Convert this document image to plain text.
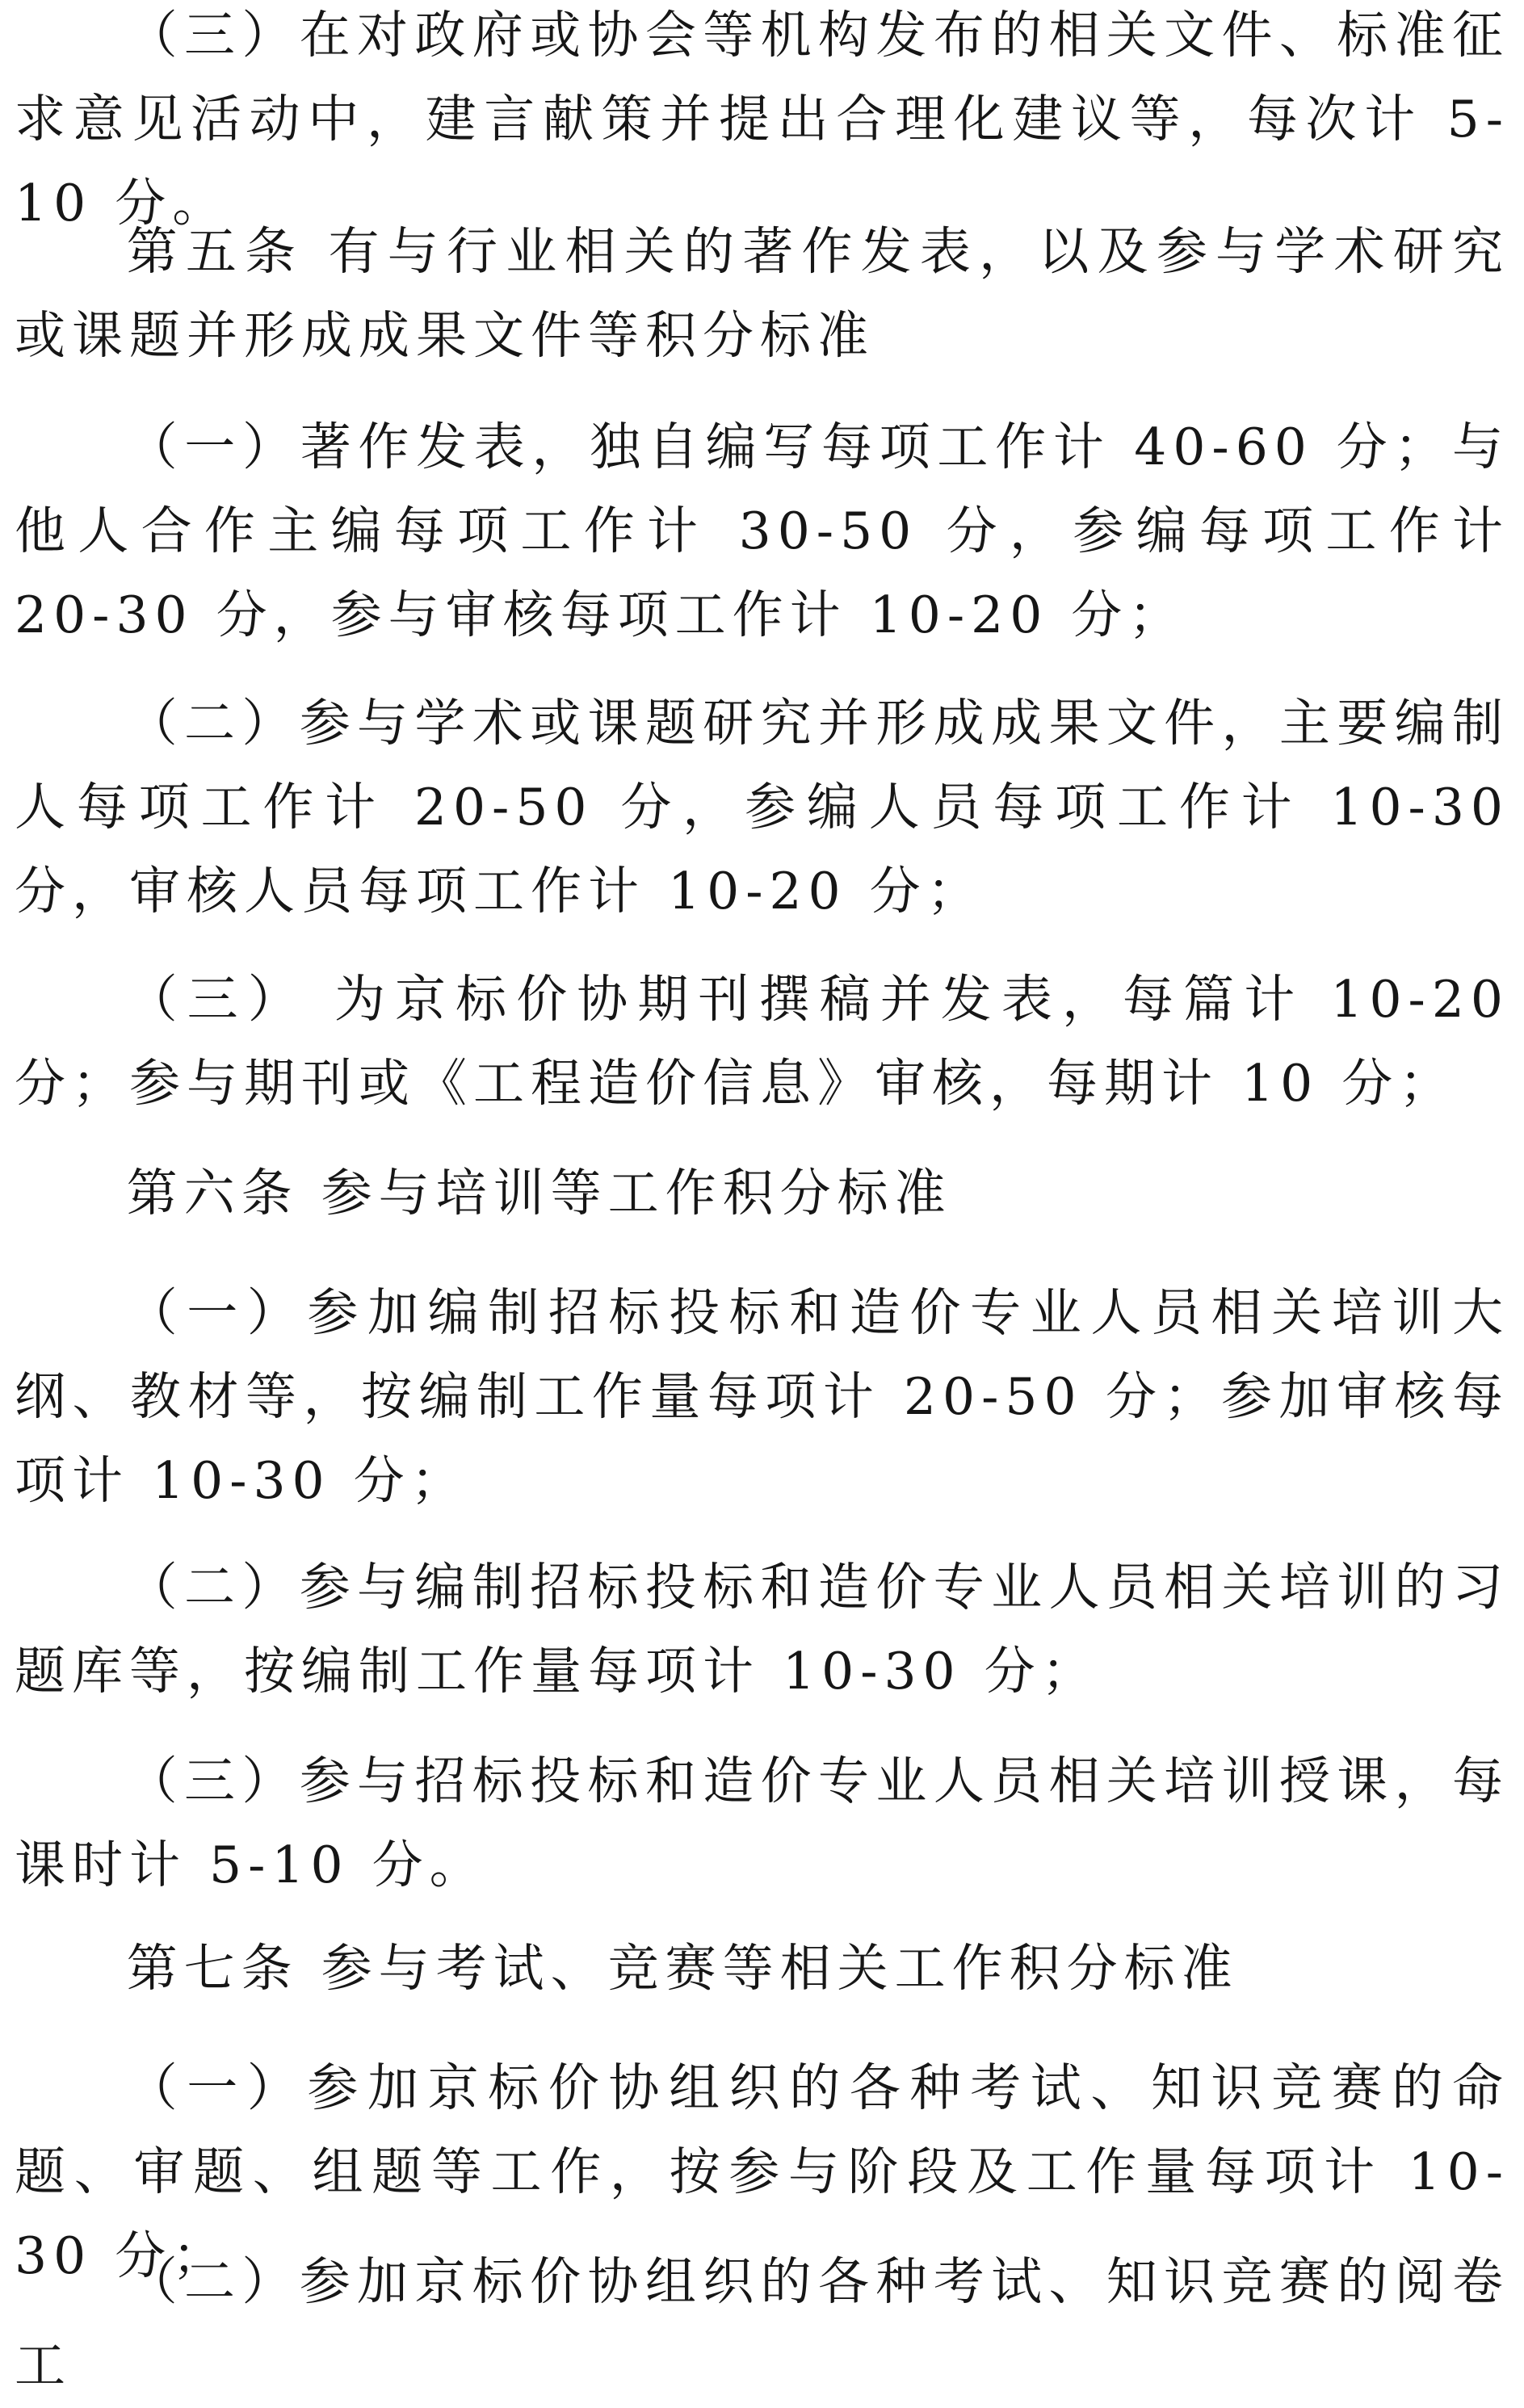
（三）在对政府或协会等机构发布的相关文件、标准征求意见活动中，建言献策并提出合理化建议等，每次计 5-10 分。

第五条 有与行业相关的著作发表，以及参与学术研究或课题并形成成果文件等积分标准

（一）著作发表，独自编写每项工作计 40-60 分；与他人合作主编每项工作计 30-50 分，参编每项工作计 20-30 分，参与审核每项工作计 10-20 分；

（二）参与学术或课题研究并形成成果文件，主要编制人每项工作计 20-50 分，参编人员每项工作计 10-30 分，审核人员每项工作计 10-20 分；

（三） 为京标价协期刊撰稿并发表，每篇计 10-20 分；参与期刊或《工程造价信息》审核，每期计 10 分；

第六条 参与培训等工作积分标准

（一）参加编制招标投标和造价专业人员相关培训大纲、教材等，按编制工作量每项计 20-50 分；参加审核每项计 10-30 分；

（二）参与编制招标投标和造价专业人员相关培训的习题库等，按编制工作量每项计 10-30 分；

（三）参与招标投标和造价专业人员相关培训授课，每课时计 5-10 分。

第七条 参与考试、竞赛等相关工作积分标准

（一）参加京标价协组织的各种考试、知识竞赛的命题、审题、组题等工作，按参与阶段及工作量每项计 10-30 分；

（二）参加京标价协组织的各种考试、知识竞赛的阅卷工
